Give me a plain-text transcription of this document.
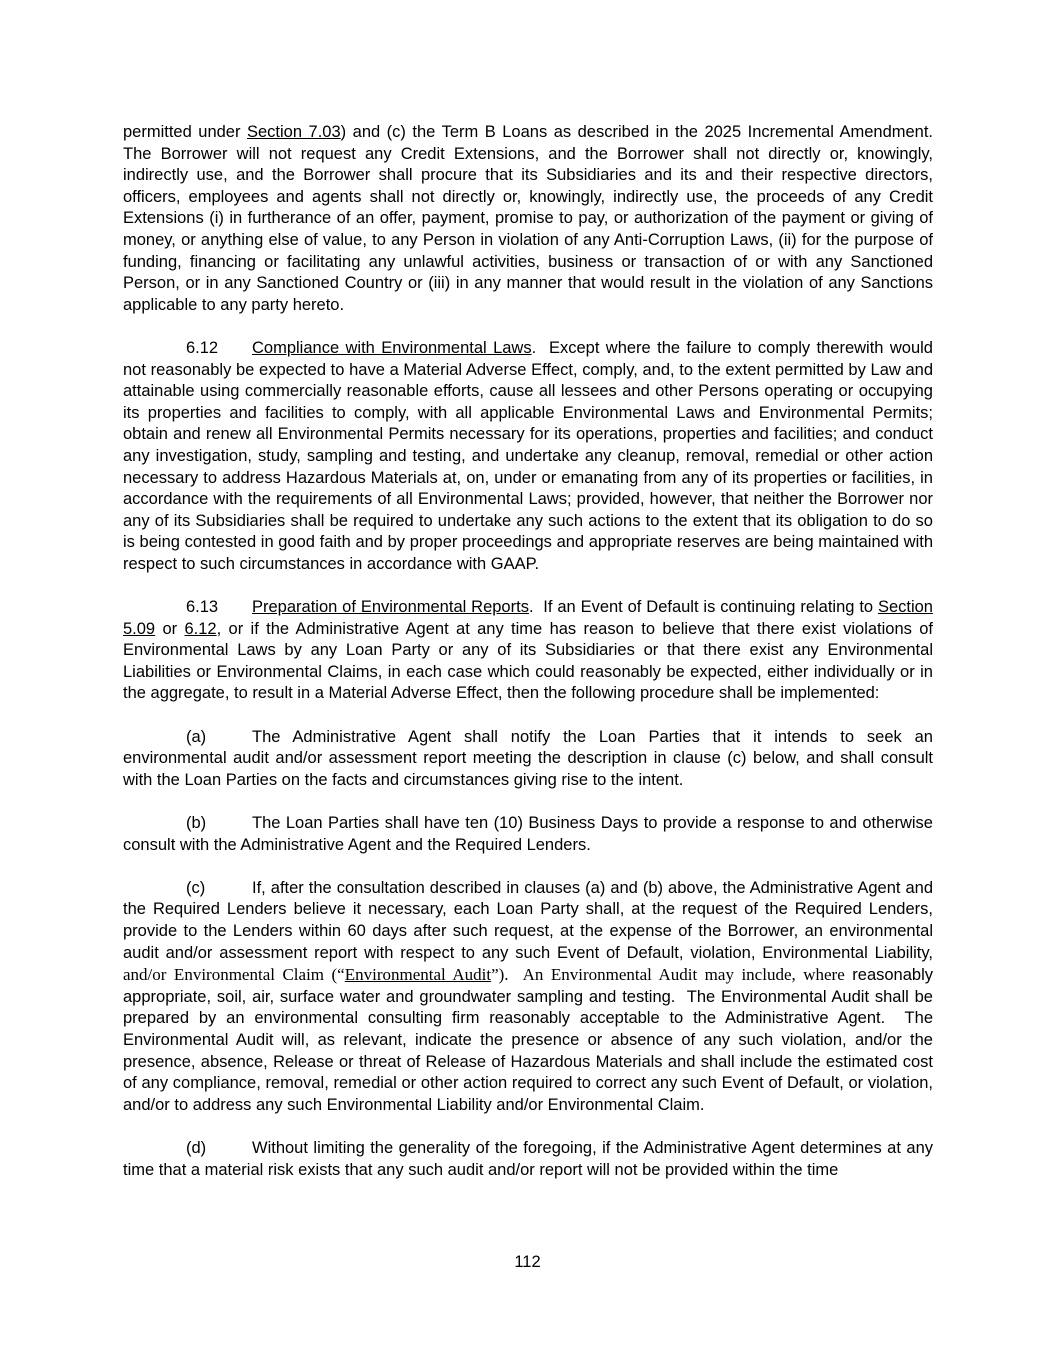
permitted under Section 7.03) and (c) the Term B Loans as described in the 2025 Incremental Amendment. The Borrower will not request any Credit Extensions, and the Borrower shall not directly or, knowingly, indirectly use, and the Borrower shall procure that its Subsidiaries and its and their respective directors, officers, employees and agents shall not directly or, knowingly, indirectly use, the proceeds of any Credit Extensions (i) in furtherance of an offer, payment, promise to pay, or authorization of the payment or giving of money, or anything else of value, to any Person in violation of any Anti-Corruption Laws, (ii) for the purpose of funding, financing or facilitating any unlawful activities, business or transaction of or with any Sanctioned Person, or in any Sanctioned Country or (iii) in any manner that would result in the violation of any Sanctions applicable to any party hereto.

6.12 Compliance with Environmental Laws.  Except where the failure to comply therewith would not reasonably be expected to have a Material Adverse Effect, comply, and, to the extent permitted by Law and attainable using commercially reasonable efforts, cause all lessees and other Persons operating or occupying its properties and facilities to comply, with all applicable Environmental Laws and Environmental Permits; obtain and renew all Environmental Permits necessary for its operations, properties and facilities; and conduct any investigation, study, sampling and testing, and undertake any cleanup, removal, remedial or other action necessary to address Hazardous Materials at, on, under or emanating from any of its properties or facilities, in accordance with the requirements of all Environmental Laws; provided, however, that neither the Borrower nor any of its Subsidiaries shall be required to undertake any such actions to the extent that its obligation to do so is being contested in good faith and by proper proceedings and appropriate reserves are being maintained with respect to such circumstances in accordance with GAAP.

6.13 Preparation of Environmental Reports.  If an Event of Default is continuing relating to Section 5.09 or 6.12, or if the Administrative Agent at any time has reason to believe that there exist violations of Environmental Laws by any Loan Party or any of its Subsidiaries or that there exist any Environmental Liabilities or Environmental Claims, in each case which could reasonably be expected, either individually or in the aggregate, to result in a Material Adverse Effect, then the following procedure shall be implemented:

(a)	The Administrative Agent shall notify the Loan Parties that it intends to seek an environmental audit and/or assessment report meeting the description in clause (c) below, and shall consult with the Loan Parties on the facts and circumstances giving rise to the intent.

(b)	The Loan Parties shall have ten (10) Business Days to provide a response to and otherwise consult with the Administrative Agent and the Required Lenders.

(c)	If, after the consultation described in clauses (a) and (b) above, the Administrative Agent and the Required Lenders believe it necessary, each Loan Party shall, at the request of the Required Lenders, provide to the Lenders within 60 days after such request, at the expense of the Borrower, an environmental audit and/or assessment report with respect to any such Event of Default, violation, Environmental Liability, and/or Environmental Claim (“Environmental Audit”).  An Environmental Audit may include, where reasonably appropriate, soil, air, surface water and groundwater sampling and testing.  The Environmental Audit shall be prepared by an environmental consulting firm reasonably acceptable to the Administrative Agent.  The Environmental Audit will, as relevant, indicate the presence or absence of any such violation, and/or the presence, absence, Release or threat of Release of Hazardous Materials and shall include the estimated cost of any compliance, removal, remedial or other action required to correct any such Event of Default, or violation, and/or to address any such Environmental Liability and/or Environmental Claim.

(d)	Without limiting the generality of the foregoing, if the Administrative Agent determines at any time that a material risk exists that any such audit and/or report will not be provided within the time

112
